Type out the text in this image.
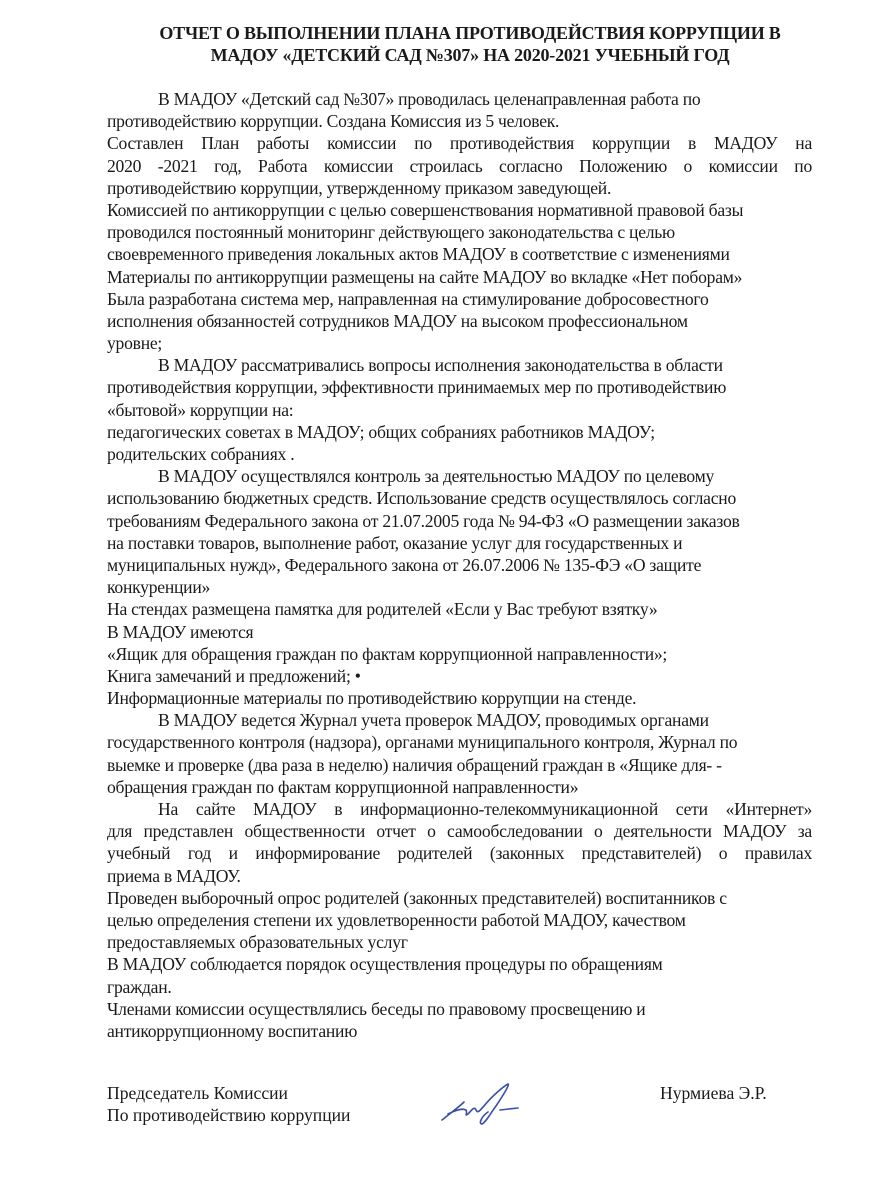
ОТЧЕТ О ВЫПОЛНЕНИИ ПЛАНА ПРОТИВОДЕЙСТВИЯ КОРРУПЦИИ В
МАДОУ «ДЕТСКИЙ САД №307» НА 2020-2021 УЧЕБНЫЙ ГОД
В МАДОУ «Детский сад №307» проводилась целенаправленная работа по
противодействию коррупции. Создана Комиссия из 5 человек.
Составлен План работы комиссии по противодействия коррупции в МАДОУ на
2020 -2021 год, Работа комиссии строилась согласно Положению о комиссии по
противодействию коррупции, утвержденному приказом заведующей.
Комиссией по антикоррупции с целью совершенствования нормативной правовой базы
проводился постоянный мониторинг действующего законодательства с целью
своевременного приведения локальных актов МАДОУ в соответствие с изменениями
Материалы по антикоррупции размещены на сайте МАДОУ во вкладке «Нет поборам»
Была разработана система мер, направленная на стимулирование добросовестного
исполнения обязанностей сотрудников МАДОУ на высоком профессиональном
уровне;
В МАДОУ рассматривались вопросы исполнения законодательства в области
противодействия коррупции, эффективности принимаемых мер по противодействию
«бытовой» коррупции на:
педагогических советах в МАДОУ; общих собраниях работников МАДОУ;
родительских собраниях .
В МАДОУ осуществлялся контроль за деятельностью МАДОУ по целевому
использованию бюджетных средств. Использование средств осуществлялось согласно
требованиям Федерального закона от 21.07.2005 года № 94-ФЗ «О размещении заказов
на поставки товаров, выполнение работ, оказание услуг для государственных и
муниципальных нужд», Федерального закона от 26.07.2006 № 135-ФЭ «О защите
конкуренции»
На стендах размещена памятка для родителей «Если у Вас требуют взятку»
В МАДОУ имеются
«Ящик для обращения граждан по фактам коррупционной направленности»;
Книга замечаний и предложений; •
Информационные материалы по противодействию коррупции на стенде.
В МАДОУ ведется Журнал учета проверок МАДОУ, проводимых органами
государственного контроля (надзора), органами муниципального контроля, Журнал по
выемке и проверке (два раза в неделю) наличия обращений граждан в «Ящике для- -
обращения граждан по фактам коррупционной направленности»
На сайте МАДОУ в информационно-телекоммуникационной сети «Интернет»
для представлен общественности отчет о самообследовании о деятельности МАДОУ за
учебный год и информирование родителей (законных представителей) о правилах
приема в МАДОУ.
Проведен выборочный опрос родителей (законных представителей) воспитанников с
целью определения степени их удовлетворенности работой МАДОУ, качеством
предоставляемых образовательных услуг
В МАДОУ соблюдается порядок осуществления процедуры по обращениям
граждан.
Членами комиссии осуществлялись беседы по правовому просвещению и
антикоррупционному воспитанию
Председатель Комиссии
По противодействию коррупции
Нурмиева Э.Р.
